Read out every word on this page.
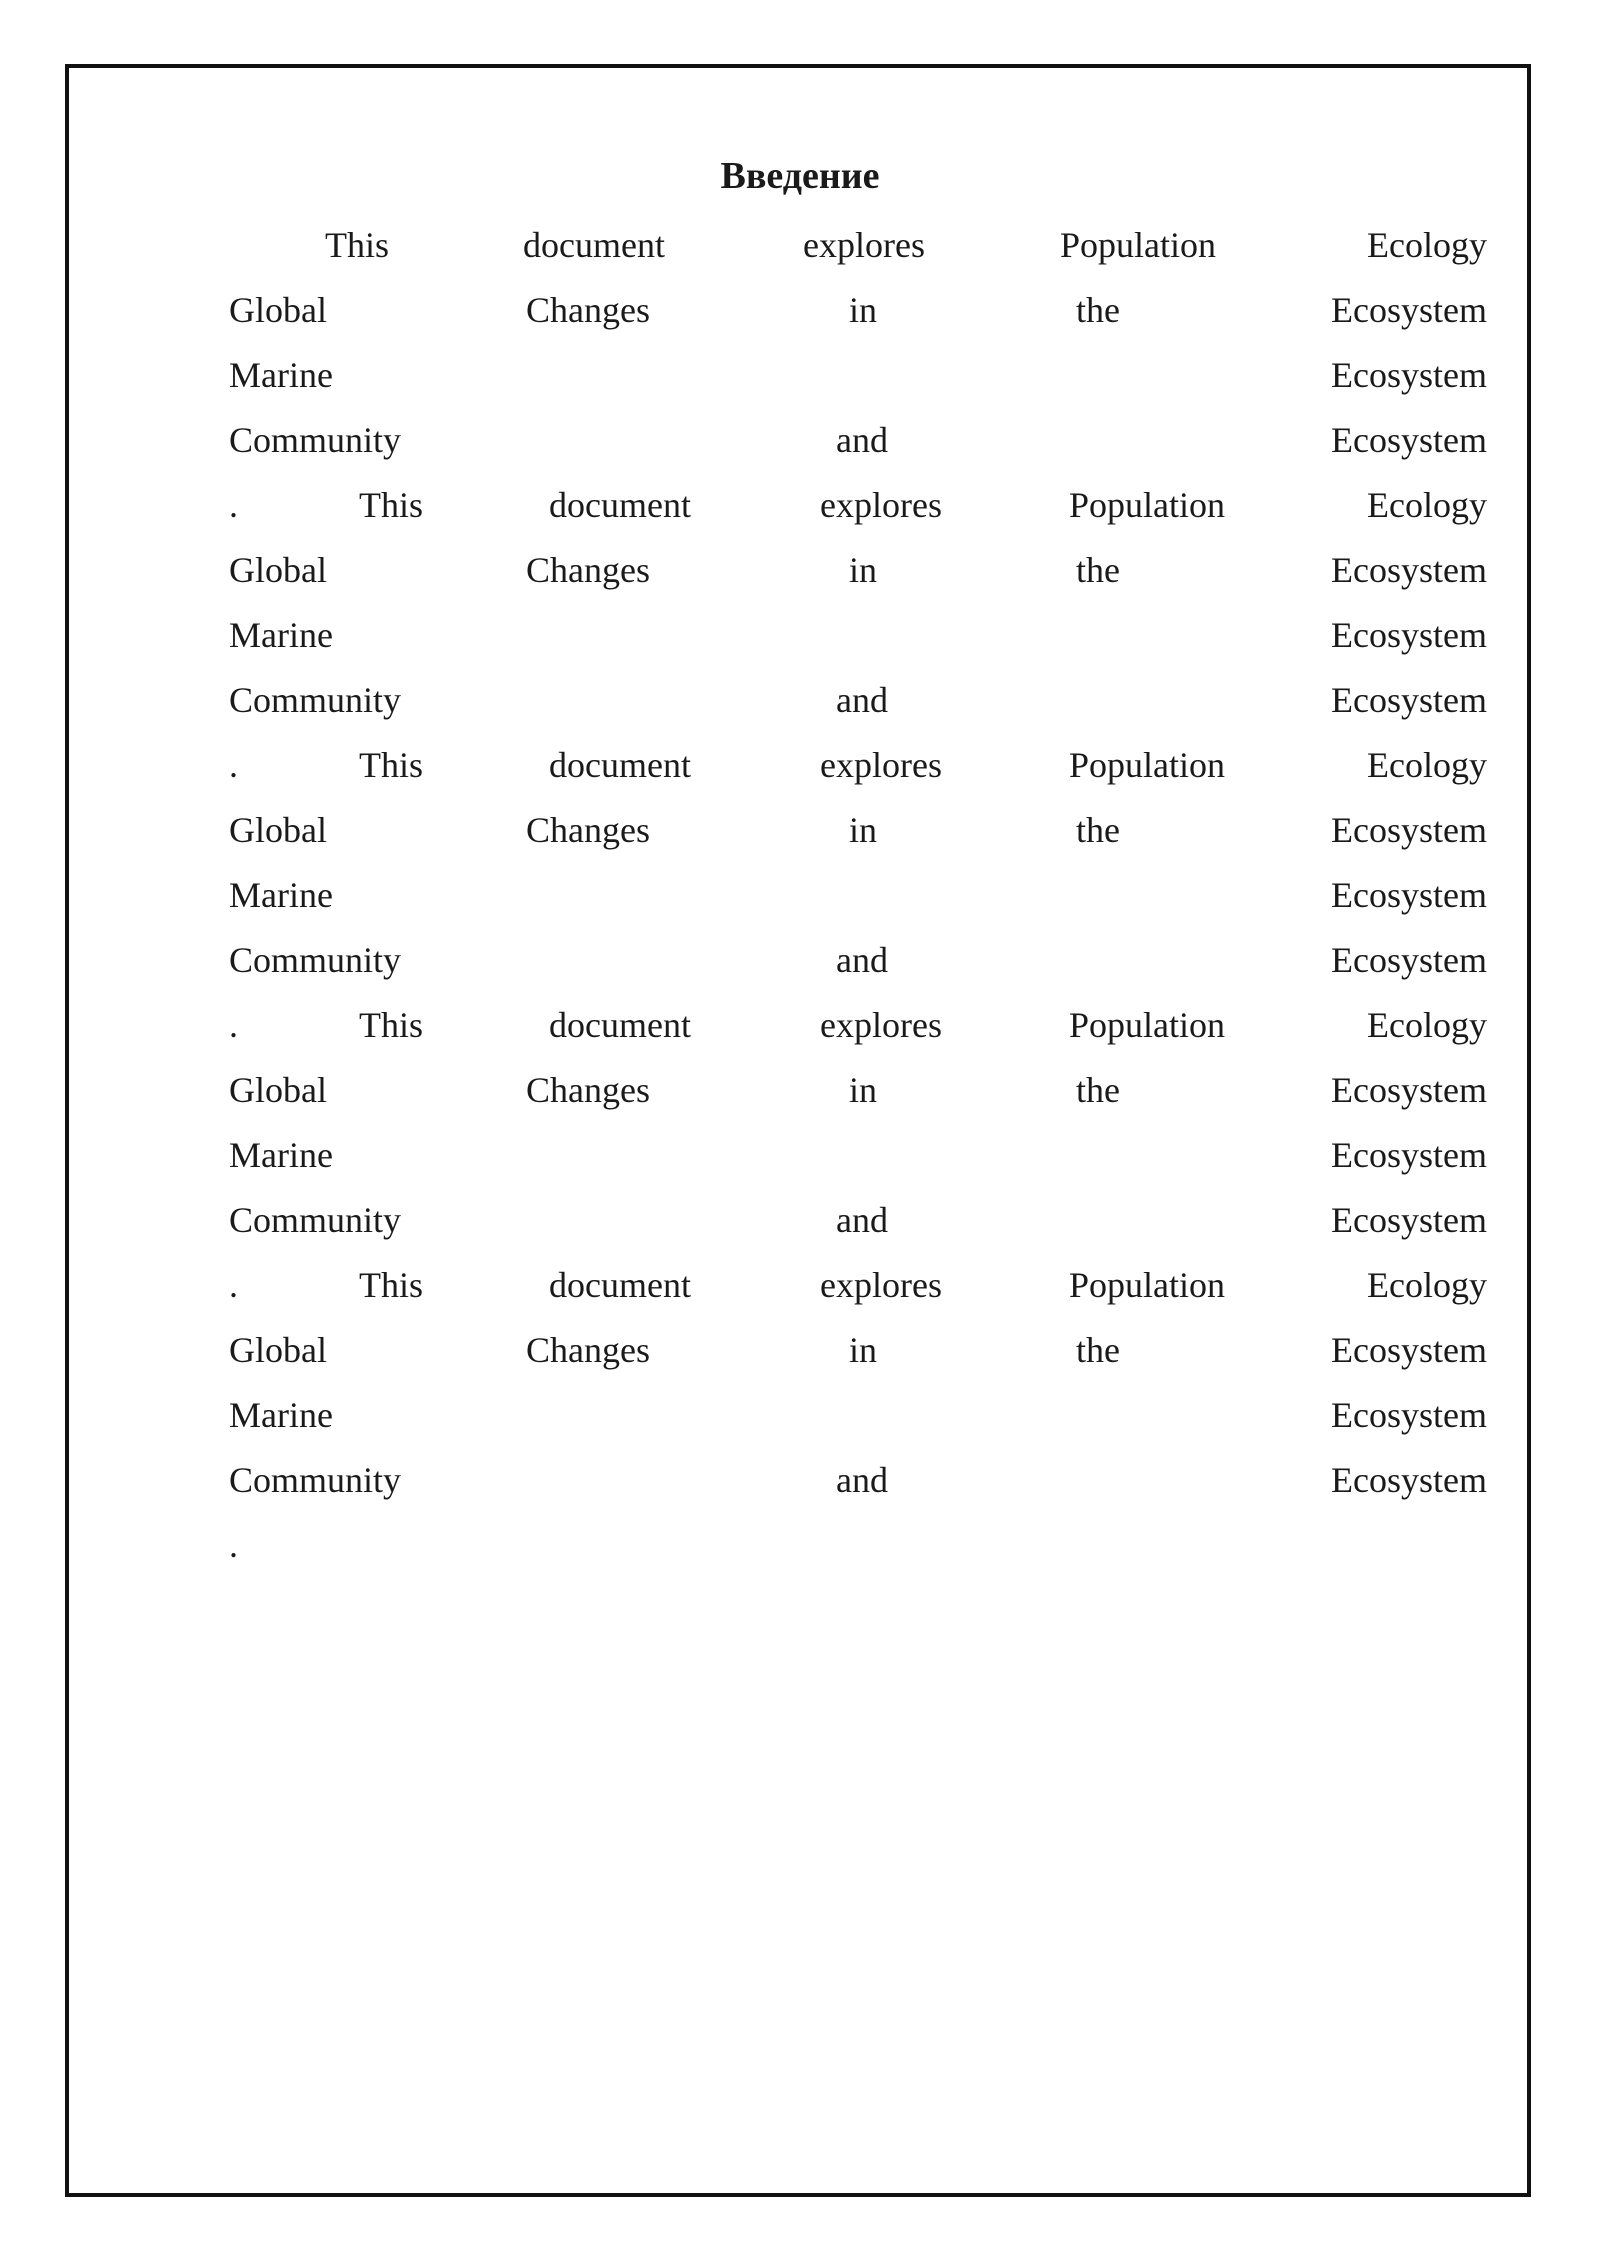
Введение
This	document	explores	Population	Ecology
Global	Changes	in	the	Ecosystem
Marine	Ecosystem
Community	and	Ecosystem
.	This	document	explores	Population	Ecology
Global	Changes	in	the	Ecosystem
Marine	Ecosystem
Community	and	Ecosystem
.	This	document	explores	Population	Ecology
Global	Changes	in	the	Ecosystem
Marine	Ecosystem
Community	and	Ecosystem
.	This	document	explores	Population	Ecology
Global	Changes	in	the	Ecosystem
Marine	Ecosystem
Community	and	Ecosystem
.	This	document	explores	Population	Ecology
Global	Changes	in	the	Ecosystem
Marine	Ecosystem
Community	and	Ecosystem
.
